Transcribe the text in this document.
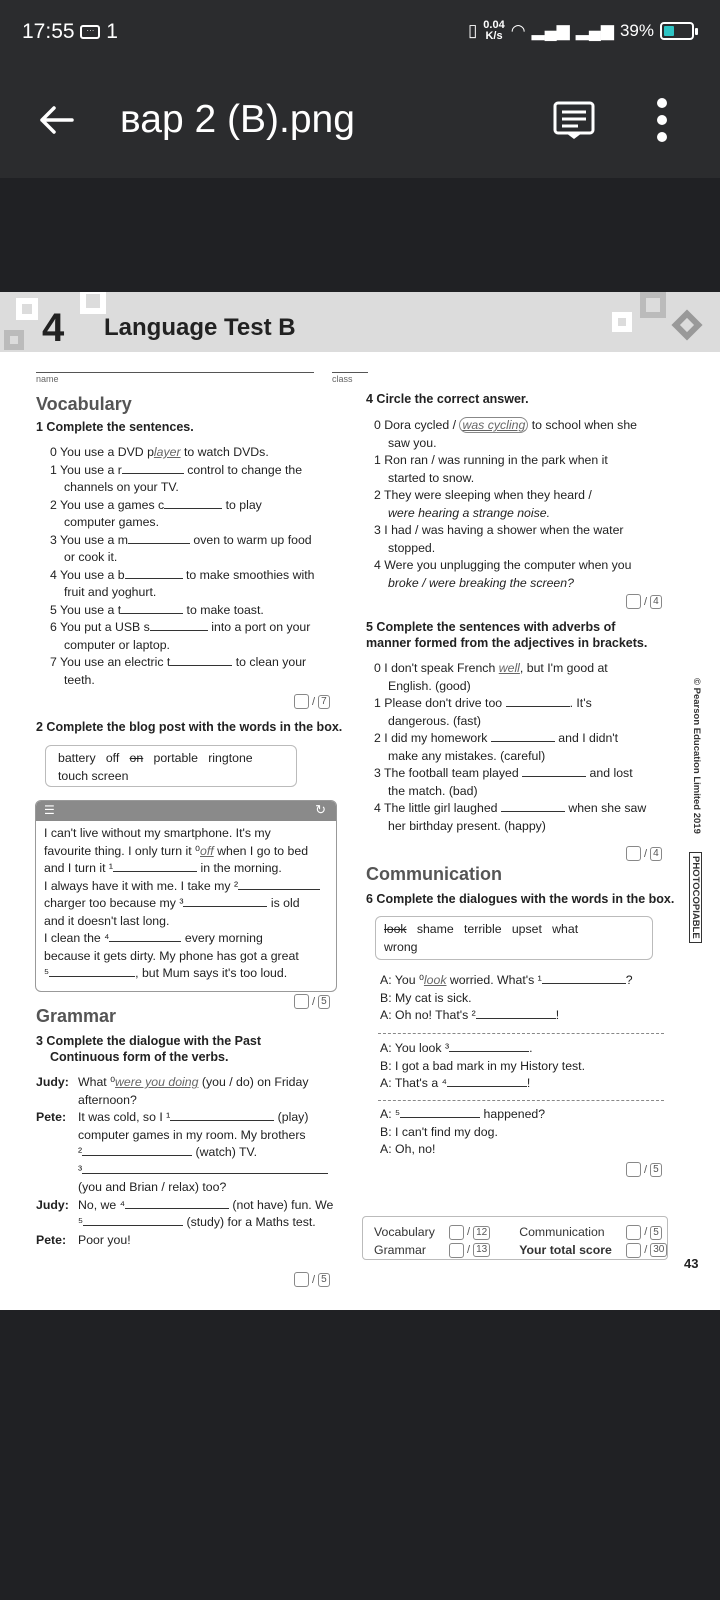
17:55 ··· 1	▯ 0.04
K/s ◠ ▂▄▆ ▂▄▆ 39%
вар 2 (B).png
4 Language Test B
name	class
Vocabulary
1 Complete the sentences.
0 You use a DVD player to watch DVDs.
1 You use a r	control to change the
channels on your TV.
2 You use a games c	to play
computer games.
3 You use a m	oven to warm up food
or cook it.
4 You use a b	to make smoothies with
fruit and yoghurt.
5 You use a t	to make toast.
6 You put a USB s	into a port on your
computer or laptop.
7 You use an electric t	to clean your
teeth.
/ 7
2 Complete the blog post with the words in the box.
battery off on portable ringtone
touch screen
☰	↻
I can't live without my smartphone. It's my
favourite thing. I only turn it ⁰off when I go to bed
and I turn it ¹	in the morning.
I always have it with me. I take my ²
charger too because my ³	is old
and it doesn't last long.
I clean the ⁴	every morning
because it gets dirty. My phone has got a great
⁵	, but Mum says it's too loud.
/ 5
Grammar
3 Complete the dialogue with the Past
Continuous form of the verbs.
Judy: What ⁰were you doing (you / do) on Friday
afternoon?
Pete: It was cold, so I ¹	(play)
computer games in my room. My brothers
²	(watch) TV.
³
(you and Brian / relax) too?
Judy: No, we ⁴	(not have) fun. We
⁵	(study) for a Maths test.
Pete: Poor you!
/ 5
4 Circle the correct answer.
0 Dora cycled / was cycling to school when she
saw you.
1 Ron ran / was running in the park when it
started to snow.
2 They were sleeping when they heard /
were hearing a strange noise.
3 I had / was having a shower when the water
stopped.
4 Were you unplugging the computer when you
broke / were breaking the screen?
/ 4
5 Complete the sentences with adverbs of
manner formed from the adjectives in brackets.
0 I don't speak French well, but I'm good at
English. (good)
1 Please don't drive too	. It's
dangerous. (fast)
2 I did my homework	and I didn't
make any mistakes. (careful)
3 The football team played	and lost
the match. (bad)
4 The little girl laughed	when she saw
her birthday present. (happy)
/ 4
Communication
6 Complete the dialogues with the words in the box.
look shame terrible upset what
wrong
A: You ⁰look worried. What's ¹	?
B: My cat is sick.
A: Oh no! That's ²	!
A: You look ³	.
B: I got a bad mark in my History test.
A: That's a ⁴	!
A: ⁵	happened?
B: I can't find my dog.
A: Oh, no!
/ 5
Vocabulary	/ 12	Communication	/ 5
Grammar	/ 13	Your total score	/ 30
43
© Pearson Education Limited 2019
PHOTOCOPIABLE
